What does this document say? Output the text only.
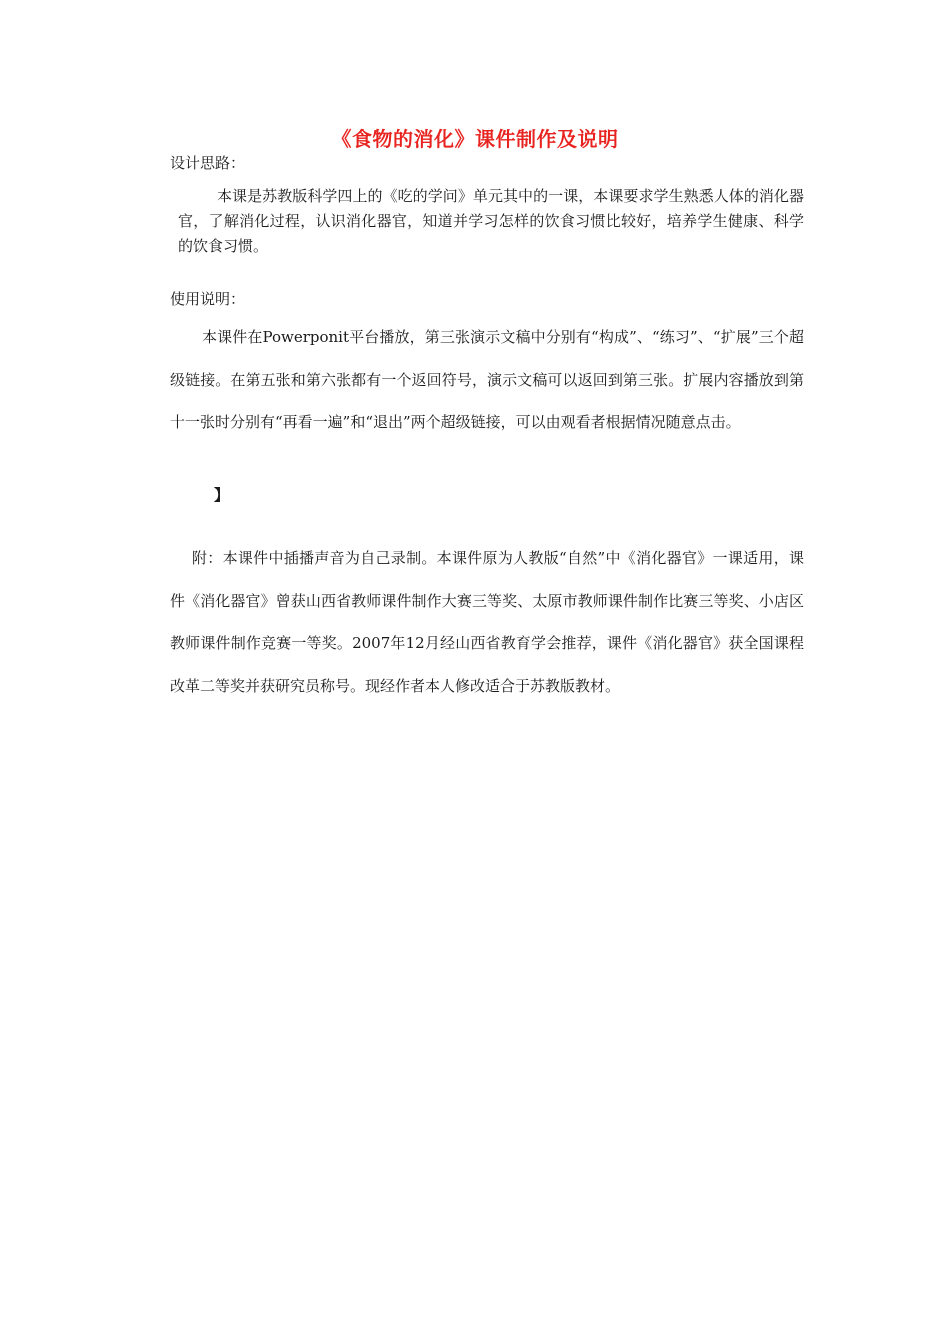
《食物的消化》课件制作及说明

设计思路：

本课是苏教版科学四上的《吃的学问》单元其中的一课，本课要求学生熟悉人体的消化器官，了解消化过程，认识消化器官，知道并学习怎样的饮食习惯比较好，培养学生健康、科学的饮食习惯。

使用说明：

本课件在Powerponit平台播放，第三张演示文稿中分别有“构成”、“练习”、“扩展”三个超级链接。在第五张和第六张都有一个返回符号，演示文稿可以返回到第三张。扩展内容播放到第十一张时分别有“再看一遍”和“退出”两个超级链接，可以由观看者根据情况随意点击。

】

附：本课件中插播声音为自己录制。本课件原为人教版“自然”中《消化器官》一课适用，课件《消化器官》曾获山西省教师课件制作大赛三等奖、太原市教师课件制作比赛三等奖、小店区教师课件制作竞赛一等奖。2007年12月经山西省教育学会推荐，课件《消化器官》获全国课程改革二等奖并获研究员称号。现经作者本人修改适合于苏教版教材。
